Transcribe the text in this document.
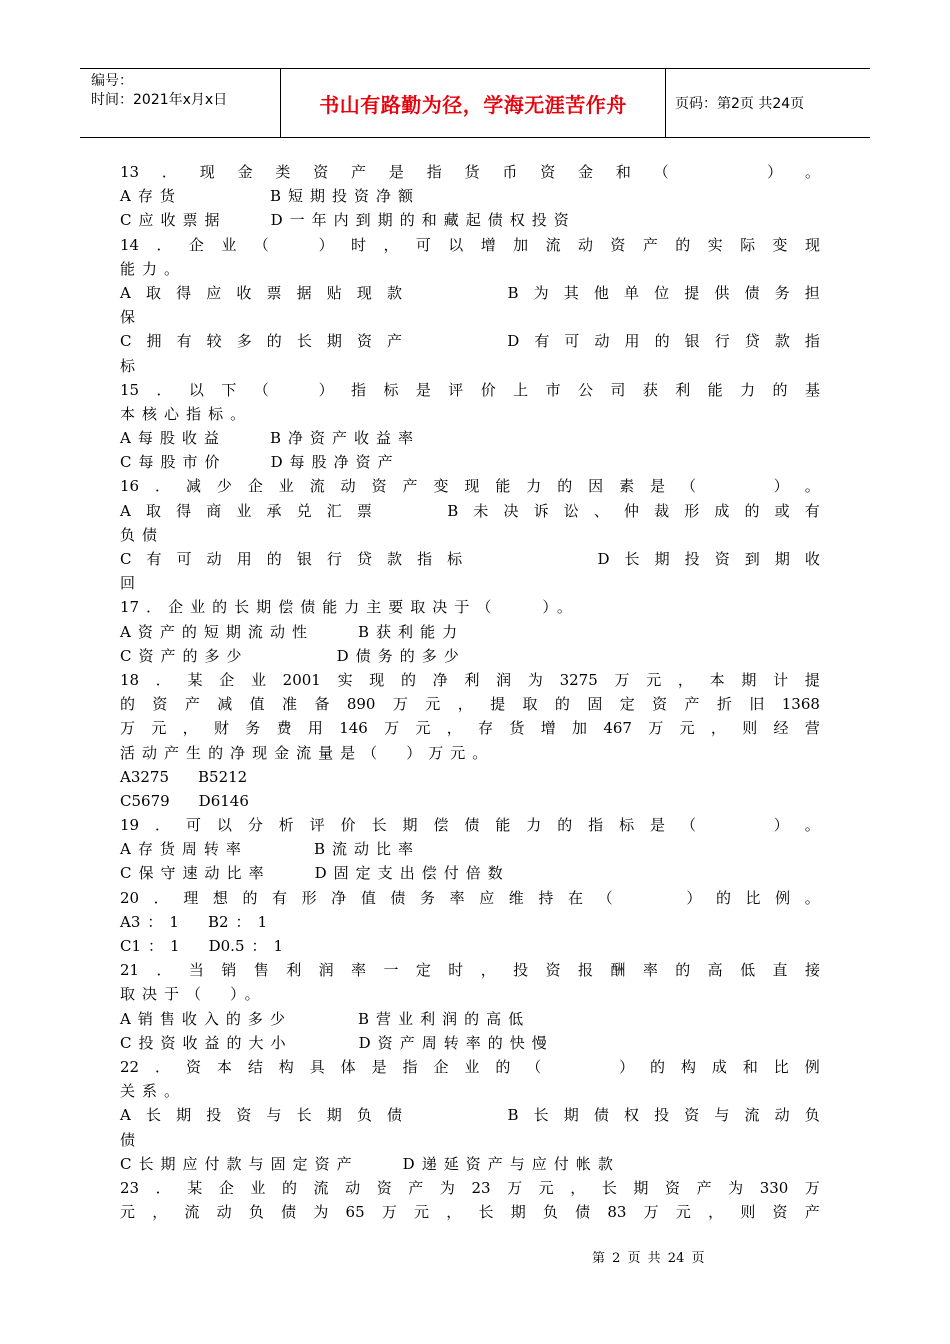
编号：
时间：2021年x月x日	书山有路勤为径，学海无涯苦作舟	页码：第2页 共24页
13 ． 现 金 类 资 产 是 指 货 币 资 金 和 （

　	） 。
A 存 货　　　　	B 短 期 投 资 净 额
C 应 收 票 据　　	D 一 年 内 到 期 的 和 藏 起 债 权 投 资
14 ． 企 业 （
　	） 时 ， 可 以 增 加 流 动 资 产 的 实 际 变 现
能 力 。
A 取 得 应 收 票 据 贴 现 款

　	B 为 其 他 单 位 提 供 债 务 担
保
C 拥 有 较 多 的 长 期 资 产

　	D 有 可 动 用 的 银 行 贷 款 指
标
15 ． 以 下 （
　	） 指 标 是 评 价 上 市 公 司 获 利 能 力 的 基
本 核 心 指 标 。
A 每 股 收 益　　	B 净 资 产 收 益 率
C 每 股 市 价　　	D 每 股 净 资 产
16 ． 减 少 企 业 流 动 资 产 变 现 能 力 的 因 素 是 （

　	） 。
A 取 得 商 业 承 兑 汇 票

　	B 未 决 诉 讼 、 仲 裁 形 成 的 或 有
负 债
C 有 可 动 用 的 银 行 贷 款 指 标

　	D 长 期 投 资 到 期 收
回
17 ． 企 业 的 长 期 偿 债 能 力 主 要 取 决 于 （　　	） 。
A 资 产 的 短 期 流 动 性　　	B 获 利 能 力
C 资 产 的 多 少　　　　	D 债 务 的 多 少
18 ． 某 企 业 2001 实 现 的 净 利 润 为 3275 万 元 ， 本 期 计 提
的 资 产 减 值 准 备 890 万 元 ， 提 取 的 固 定 资 产 折 旧 1368
万 元 ， 财 务 费 用 146 万 元 ， 存 货 增 加 467 万 元 ， 则 经 营
活 动 产 生 的 净 现 金 流 量 是 （　 ） 万 元 。
A3275　 B5212
C5679　 D6146
19 ． 可 以 分 析 评 价 长 期 偿 债 能 力 的 指 标 是 （

　	） 。
A 存 货 周 转 率　　　	B 流 动 比 率
C 保 守 速 动 比 率　　	D 固 定 支 出 偿 付 倍 数
20 ． 理 想 的 有 形 净 值 债 务 率 应 维 持 在 （

　	） 的 比 例 。
A3 ： 1　 B2 ： 1
C1 ： 1　 D0.5 ： 1
21 ． 当 销 售 利 润 率 一 定 时 ， 投 资 报 酬 率 的 高 低 直 接
取 决 于 （　 ） 。
A 销 售 收 入 的 多 少　　　	B 营 业 利 润 的 高 低
C 投 资 收 益 的 大 小　　　	D 资 产 周 转 率 的 快 慢
22 ． 资 本 结 构 具 体 是 指 企 业 的 （

　	） 的 构 成 和 比 例
关 系 。
A 长 期 投 资 与 长 期 负 债

　	B 长 期 债 权 投 资 与 流 动 负
债
C 长 期 应 付 款 与 固 定 资 产　　	D 递 延 资 产 与 应 付 帐 款
23 ． 某 企 业 的 流 动 资 产 为 23 万 元 ， 长 期 资 产 为 330 万
元 ， 流 动 负 债 为 65 万 元 ， 长 期 负 债 83 万 元 ， 则 资 产
第 2 页 共 24 页
